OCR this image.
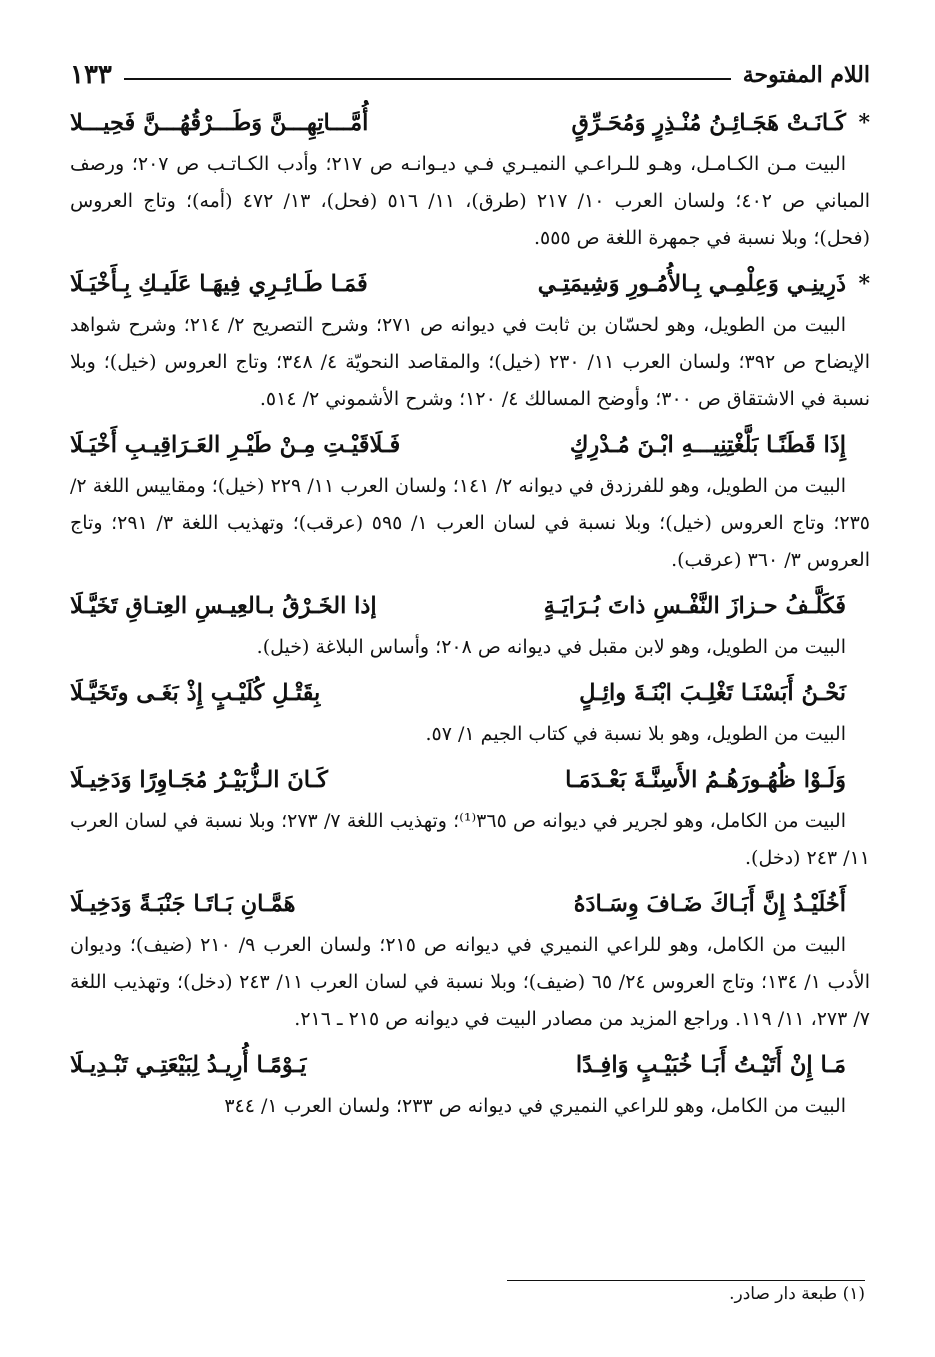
اللام المفتوحة
١٣٣
*
كَـانَـتْ هَجَـائِـنُ مُنْـذِرٍ وَمُحَـرِّقٍ
أُمَّـــاتِهِـــنَّ وَطَـــرْقُهُـــنَّ فَحِيـــلا

البيت مـن الكـامـل، وهـو للـراعـي النميـري فـي ديـوانـه ص ٢١٧؛ وأدب الكـاتـب ص ٢٠٧؛ ورصف المباني ص ٤٠٢؛ ولسان العرب ١٠/ ٢١٧ (طرق)، ١١/ ٥١٦ (فحل)، ١٣/ ٤٧٢ (أمه)؛ وتاج العروس (فحل)؛ وبلا نسبة في جمهرة اللغة ص ٥٥٥.

*
ذَرِينِـي وَعِلْمِـي بِـالأُمُـورِ وَشِيمَتِـي
فَمَـا طَـائِـرِي فِيهَـا عَلَيـكِ بِـأَخْيَـلَا

البيت من الطويل، وهو لحسّان بن ثابت في ديوانه ص ٢٧١؛ وشرح التصريح ٢/ ٢١٤؛ وشرح شواهد الإيضاح ص ٣٩٢؛ ولسان العرب ١١/ ٢٣٠ (خيل)؛ والمقاصد النحويّة ٤/ ٣٤٨؛ وتاج العروس (خيل)؛ وبلا نسبة في الاشتقاق ص ٣٠٠؛ وأوضح المسالك ٤/ ١٢٠؛ وشرح الأشموني ٢/ ٥١٤.

إِذَا قَطَنًـا بَلَّغْتِنِيـــهِ ابْـنَ مُـدْرِكٍ
فَـلَاقَيْـتِ مِـنْ طَيْـرِ العَـرَاقِيـبِ أَخْيَـلَا

البيت من الطويل، وهو للفرزدق في ديوانه ٢/ ١٤١؛ ولسان العرب ١١/ ٢٢٩ (خيل)؛ ومقاييس اللغة ٢/ ٢٣٥؛ وتاج العروس (خيل)؛ وبلا نسبة في لسان العرب ١/ ٥٩٥ (عرقب)؛ وتهذيب اللغة ٣/ ٢٩١؛ وتاج العروس ٣/ ٣٦٠ (عرقب).

فَكَلَّـفُ حـزازَ النَّفْـسِ ذاتَ بُـرَايَـةٍ
إذا الخَـرْقُ بـالعِيـسِ العِتـاقِ تَخَيَّـلَا

البيت من الطويل، وهو لابن مقبل في ديوانه ص ٢٠٨؛ وأساس البلاغة (خيل).

نَحْـنُ أَبَسْنَـا تَغْلِـبَ ابْنَـةَ وائِـلٍ
بِقَتْـلِ كُلَيْـبٍ إِذْ بَغَـى وتَخَيَّـلَا

البيت من الطويل، وهو بلا نسبة في كتاب الجيم ١/ ٥٧.

وَلَـوْا ظُهُـورَهُـمُ الأَسِنَّـةَ بَعْـدَمَـا
كَـانَ الـزُّبَيْـرُ مُجَـاوِرًا وَدَخِيـلَا

البيت من الكامل، وهو لجرير في ديوانه ص ٣٦٥⁽¹⁾؛ وتهذيب اللغة ٧/ ٢٧٣؛ وبلا نسبة في لسان العرب ١١/ ٢٤٣ (دخل).

أَخُلَيْـدُ إِنَّ أَبَـاكَ ضَـافَ وِسَـادَهُ
هَمَّـانِ بَـاتَـا جَنْبَـةً وَدَخِيـلَا

البيت من الكامل، وهو للراعي النميري في ديوانه ص ٢١٥؛ ولسان العرب ٩/ ٢١٠ (ضيف)؛ وديوان الأدب ١/ ١٣٤؛ وتاج العروس ٢٤/ ٦٥ (ضيف)؛ وبلا نسبة في لسان العرب ١١/ ٢٤٣ (دخل)؛ وتهذيب اللغة ٧/ ٢٧٣، ١١/ ١١٩. وراجع المزيد من مصادر البيت في ديوانه ص ٢١٥ ـ ٢١٦.

مَـا إِنْ أَتَيْـتُ أَبَـا خُبَيْـبٍ وَافِـدًا
يَـوْمًـا أُرِيـدُ لِبَيْعَتِـي تَبْـدِيـلَا

البيت من الكامل، وهو للراعي النميري في ديوانه ص ٢٣٣؛ ولسان العرب ١/ ٣٤٤

(١) طبعة دار صادر.
